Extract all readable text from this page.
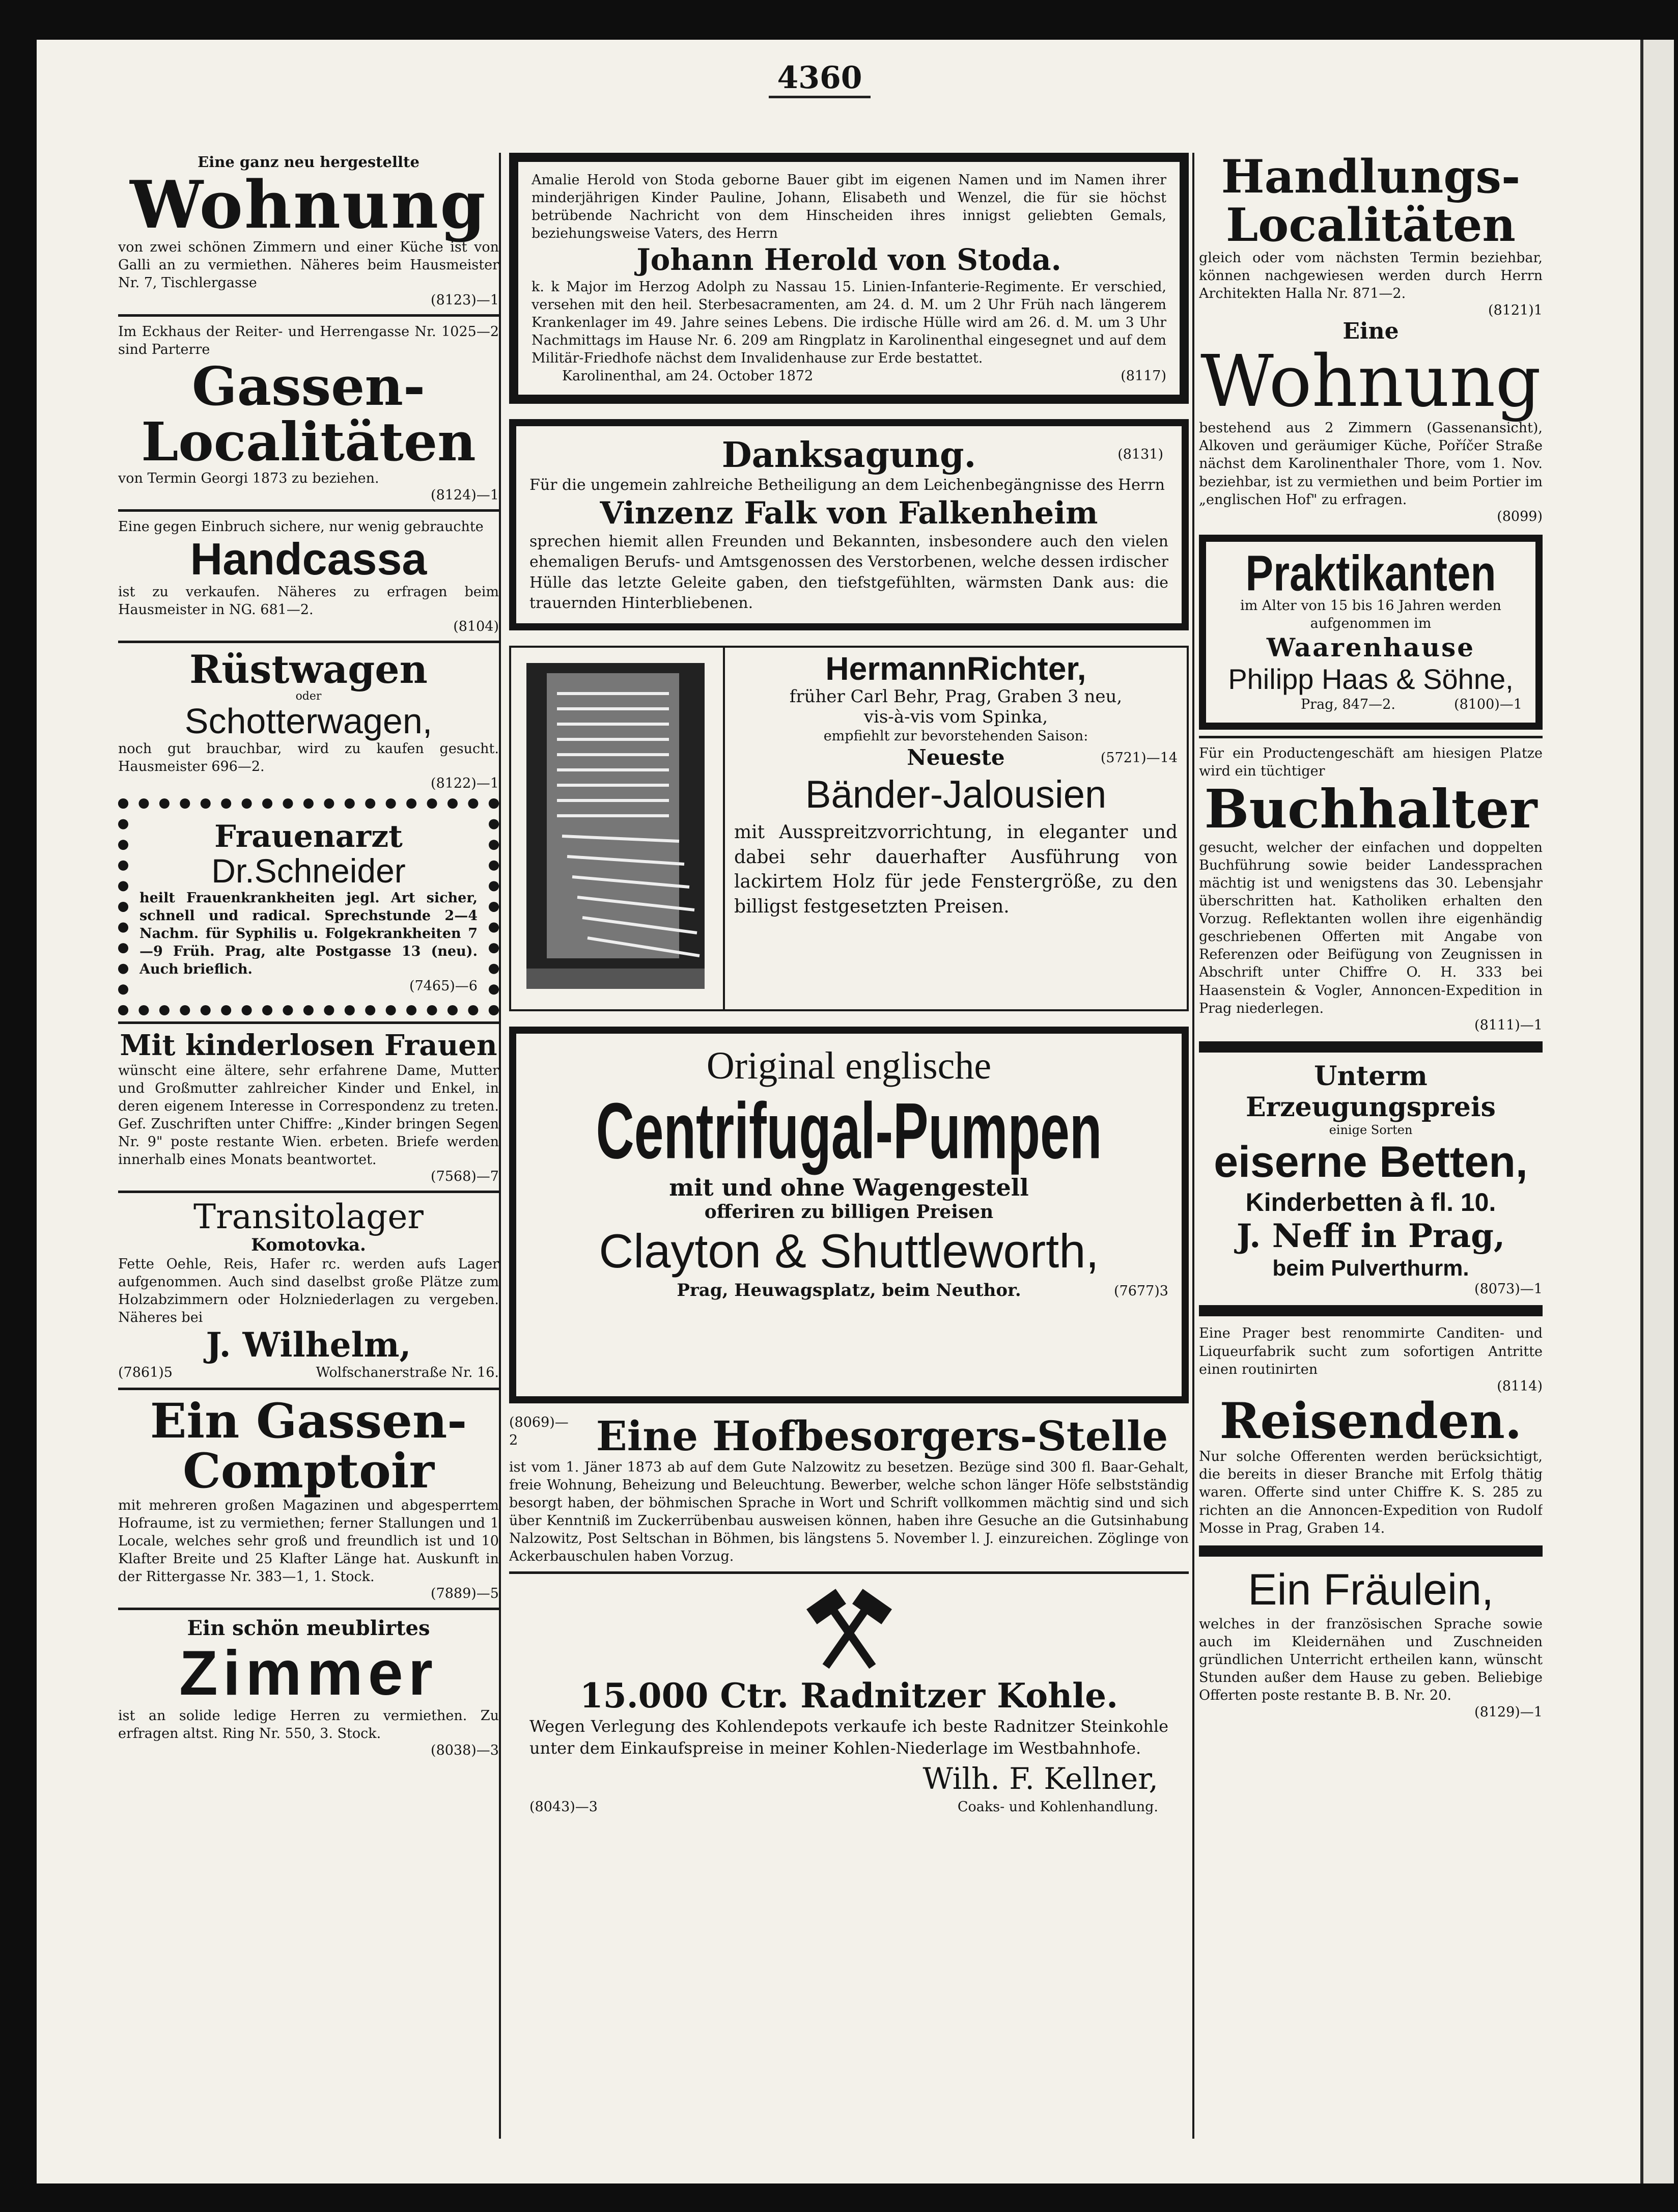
4360
Eine ganz neu hergestellte
Wohnung
von zwei schönen Zimmern und einer Küche ist von Galli an zu vermiethen. Näheres beim Hausmeister Nr. 7, Tischlergasse
(8123)—1
Im Eckhaus der Reiter- und Herrengasse Nr. 1025—2 sind Parterre
Gassen-
Localitäten
von Termin Georgi 1873 zu beziehen.
(8124)—1
Eine gegen Einbruch sichere, nur wenig gebrauchte
Handcassa
ist zu verkaufen. Näheres zu erfragen beim Hausmeister in NG. 681—2.
(8104)
Rüstwagen
oder
Schotterwagen,
noch gut brauchbar, wird zu kaufen gesucht. Hausmeister 696—2.
(8122)—1
Frauenarzt
Dr.Schneider
heilt Frauenkrankheiten jegl. Art sicher, schnell und radical. Sprechstunde 2—4 Nachm. für Syphilis u. Folgekrankheiten 7—9 Früh. Prag, alte Postgasse 13 (neu). Auch brieflich.
(7465)—6
Mit kinderlosen Frauen
wünscht eine ältere, sehr erfahrene Dame, Mutter und Großmutter zahlreicher Kinder und Enkel, in deren eigenem Interesse in Correspondenz zu treten. Gef. Zuschriften unter Chiffre: „Kinder bringen Segen Nr. 9" poste restante Wien. erbeten. Briefe werden innerhalb eines Monats beantwortet.
(7568)—7
Transitolager
Komotovka.
Fette Oehle, Reis, Hafer rc. werden aufs Lager aufgenommen. Auch sind daselbst große Plätze zum Holzabzimmern oder Holzniederlagen zu vergeben. Näheres bei
J. Wilhelm,
(7861)5	Wolfschanerstraße Nr. 16.
Ein Gassen-
Comptoir
mit mehreren großen Magazinen und abgesperrtem Hofraume, ist zu vermiethen; ferner Stallungen und 1 Locale, welches sehr groß und freundlich ist und 10 Klafter Breite und 25 Klafter Länge hat. Auskunft in der Rittergasse Nr. 383—1, 1. Stock.
(7889)—5
Ein schön meublirtes
Zimmer
ist an solide ledige Herren zu vermiethen. Zu erfragen altst. Ring Nr. 550, 3. Stock.
(8038)—3
Amalie Herold von Stoda geborne Bauer gibt im eigenen Namen und im Namen ihrer minderjährigen Kinder Pauline, Johann, Elisabeth und Wenzel, die für sie höchst betrübende Nachricht von dem Hinscheiden ihres innigst geliebten Gemals, beziehungsweise Vaters, des Herrn
Johann Herold von Stoda.
k. k Major im Herzog Adolph zu Nassau 15. Linien-Infanterie-Regimente. Er verschied, versehen mit den heil. Sterbesacramenten, am 24. d. M. um 2 Uhr Früh nach längerem Krankenlager im 49. Jahre seines Lebens. Die irdische Hülle wird am 26. d. M. um 3 Uhr Nachmittags im Hause Nr. 6. 209 am Ringplatz in Karolinenthal eingesegnet und auf dem Militär-Friedhofe nächst dem Invalidenhause zur Erde bestattet.
Karolinenthal, am 24. October 1872	(8117)
Danksagung.	(8131)
Für die ungemein zahlreiche Betheiligung an dem Leichenbegängnisse des Herrn
Vinzenz Falk von Falkenheim
sprechen hiemit allen Freunden und Bekannten, insbesondere auch den vielen ehemaligen Berufs- und Amtsgenossen des Verstorbenen, welche dessen irdischer Hülle das letzte Geleite gaben, den tiefstgefühlten, wärmsten Dank aus: die trauernden Hinterbliebenen.
HermannRichter,
früher Carl Behr, Prag, Graben 3 neu,
vis-à-vis vom Spinka,
empfiehlt zur bevorstehenden Saison:
Neueste	(5721)—14
Bänder-Jalousien
mit Ausspreitzvorrichtung, in eleganter und dabei sehr dauerhafter Ausführung von lackirtem Holz für jede Fenstergröße, zu den billigst festgesetzten Preisen.
Original englische
Centrifugal-Pumpen
mit und ohne Wagengestell
offeriren zu billigen Preisen
Clayton & Shuttleworth,
Prag, Heuwagsplatz, beim Neuthor.	(7677)3
(8069)—2	Eine Hofbesorgers-Stelle
ist vom 1. Jäner 1873 ab auf dem Gute Nalzowitz zu besetzen. Bezüge sind 300 fl. Baar-Gehalt, freie Wohnung, Beheizung und Beleuchtung. Bewerber, welche schon länger Höfe selbstständig besorgt haben, der böhmischen Sprache in Wort und Schrift vollkommen mächtig sind und sich über Kenntniß im Zuckerrübenbau ausweisen können, haben ihre Gesuche an die Gutsinhabung Nalzowitz, Post Seltschan in Böhmen, bis längstens 5. November l. J. einzureichen. Zöglinge von Ackerbauschulen haben Vorzug.
15.000 Ctr. Radnitzer Kohle.
Wegen Verlegung des Kohlendepots verkaufe ich beste Radnitzer Steinkohle unter dem Einkaufspreise in meiner Kohlen-Niederlage im Westbahnhofe.
Wilh. F. Kellner,
(8043)—3	Coaks- und Kohlenhandlung.
Handlungs-
Localitäten
gleich oder vom nächsten Termin beziehbar, können nachgewiesen werden durch Herrn Architekten Halla Nr. 871—2.
(8121)1
Eine
Wohnung
bestehend aus 2 Zimmern (Gassenansicht), Alkoven und geräumiger Küche, Poříčer Straße nächst dem Karolinenthaler Thore, vom 1. Nov. beziehbar, ist zu vermiethen und beim Portier im „englischen Hof" zu erfragen.
(8099)
Praktikanten
im Alter von 15 bis 16 Jahren werden aufgenommen im
Waarenhause
Philipp Haas & Söhne,
Prag, 847—2.	(8100)—1
Für ein Productengeschäft am hiesigen Platze wird ein tüchtiger
Buchhalter
gesucht, welcher der einfachen und doppelten Buchführung sowie beider Landessprachen mächtig ist und wenigstens das 30. Lebensjahr überschritten hat. Katholiken erhalten den Vorzug. Reflektanten wollen ihre eigenhändig geschriebenen Offerten mit Angabe von Referenzen oder Beifügung von Zeugnissen in Abschrift unter Chiffre O. H. 333 bei Haasenstein & Vogler, Annoncen-Expedition in Prag niederlegen.
(8111)—1
Unterm Erzeugungspreis
einige Sorten
eiserne Betten,
Kinderbetten à fl. 10.
J. Neff in Prag,
beim Pulverthurm.
(8073)—1
Eine Prager best renommirte Canditen- und Liqueurfabrik sucht zum sofortigen Antritte einen routinirten
(8114)
Reisenden.
Nur solche Offerenten werden berücksichtigt, die bereits in dieser Branche mit Erfolg thätig waren. Offerte sind unter Chiffre K. S. 285 zu richten an die Annoncen-Expedition von Rudolf Mosse in Prag, Graben 14.
Ein Fräulein,
welches in der französischen Sprache sowie auch im Kleidernähen und Zuschneiden gründlichen Unterricht ertheilen kann, wünscht Stunden außer dem Hause zu geben. Beliebige Offerten poste restante B. B. Nr. 20.
(8129)—1
